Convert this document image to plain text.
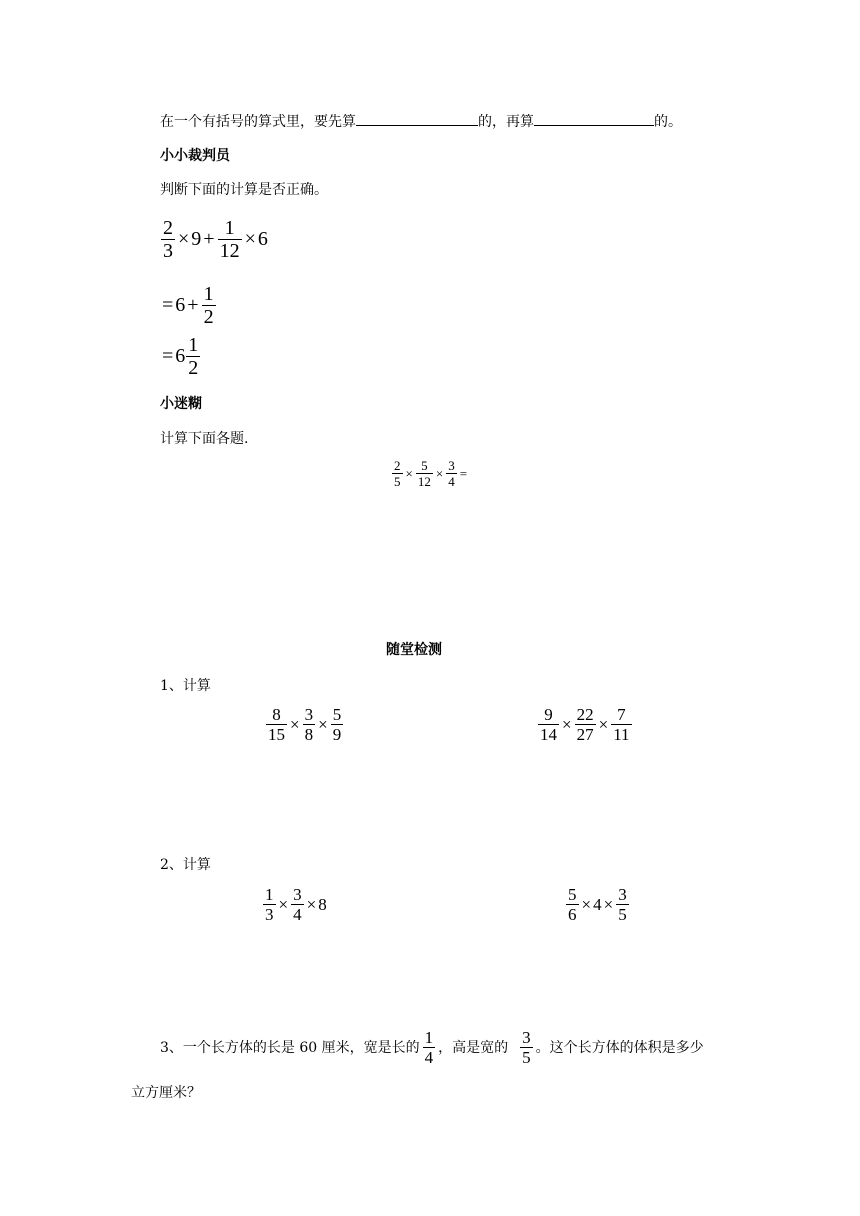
在一个有括号的算式里，要先算	的，再算	的。
小小裁判员
判断下面的计算是否正确。
$\frac{2}{3} \times 9 + \frac{1}{12} \times 6$
= $6 + \frac{1}{2}$
= $6 \frac{1}{2}$
小迷糊
计算下面各题.
$\frac{2}{5} \times \frac{5}{12} \times \frac{3}{4}$ =
随堂检测
1、计算
$\frac{8}{15} \times \frac{3}{8} \times \frac{5}{9}$	$\frac{9}{14} \times \frac{22}{27} \times \frac{7}{11}$
2、计算
$\frac{1}{3} \times \frac{3}{4} \times 8$	$\frac{5}{6} \times 4 \times \frac{3}{5}$
3、一个长方体的长是 60 厘米，宽是长的 $\frac{1}{4}$ ，高是宽的 $\frac{3}{5}$ 。这个长方体的体积是多少
立方厘米？
